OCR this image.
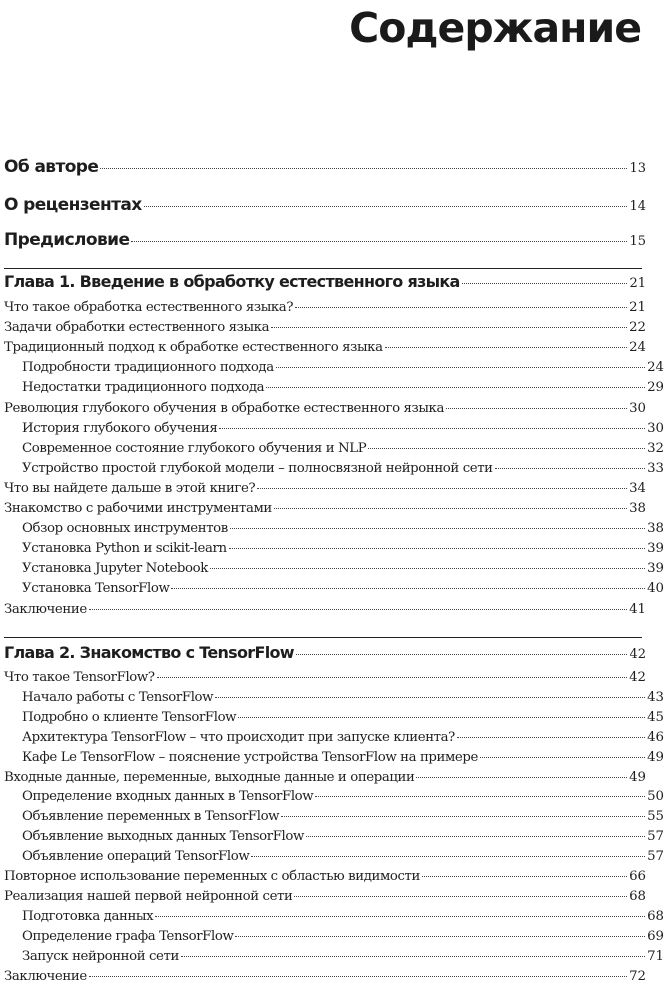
Содержание
Об авторе	13
О рецензентах	14
Предисловие	15
Глава 1. Введение в обработку естественного языка	21
Что такое обработка естественного языка?	21
Задачи обработки естественного языка	22
Традиционный подход к обработке естественного языка	24
Подробности традиционного подхода	24
Недостатки традиционного подхода	29
Революция глубокого обучения в обработке естественного языка	30
История глубокого обучения	30
Современное состояние глубокого обучения и NLP	32
Устройство простой глубокой модели – полносвязной нейронной сети	33
Что вы найдете дальше в этой книге?	34
Знакомство с рабочими инструментами	38
Обзор основных инструментов	38
Установка Python и scikit-learn	39
Установка Jupyter Notebook	39
Установка TensorFlow	40
Заключение	41
Глава 2. Знакомство с TensorFlow	42
Что такое TensorFlow?	42
Начало работы с TensorFlow	43
Подробно о клиенте TensorFlow	45
Архитектура TensorFlow – что происходит при запуске клиента?	46
Кафе Le TensorFlow – пояснение устройства TensorFlow на примере	49
Входные данные, переменные, выходные данные и операции	49
Определение входных данных в TensorFlow	50
Объявление переменных в TensorFlow	55
Объявление выходных данных TensorFlow	57
Объявление операций TensorFlow	57
Повторное использование переменных с областью видимости	66
Реализация нашей первой нейронной сети	68
Подготовка данных	68
Определение графа TensorFlow	69
Запуск нейронной сети	71
Заключение	72
